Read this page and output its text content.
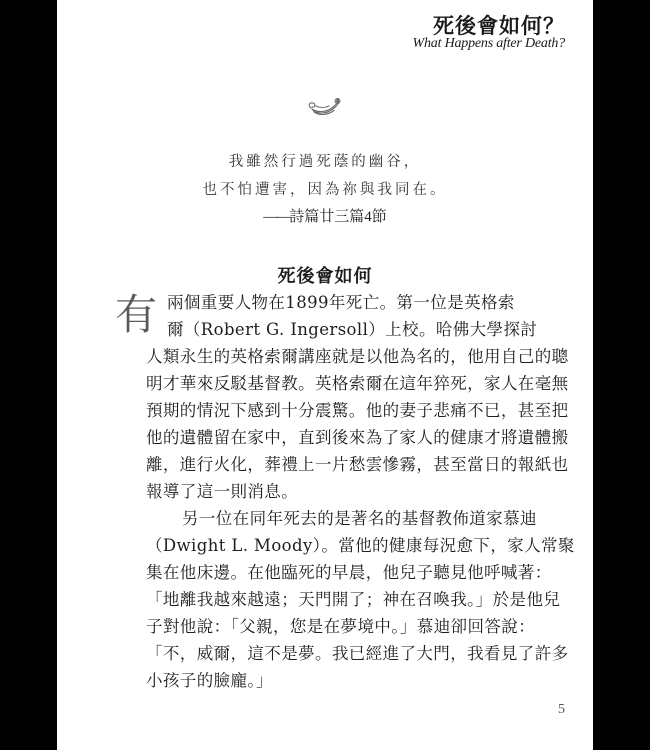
死後會如何？
What Happens after Death?
我雖然行過死蔭的幽谷，
也不怕遭害，因為祢與我同在。
——詩篇廿三篇4節
死後會如何

有 兩個重要人物在1899年死亡。第一位是英格索
爾（Robert G. Ingersoll）上校。哈佛大學探討
人類永生的英格索爾講座就是以他為名的，他用自己的聰
明才華來反駁基督教。英格索爾在這年猝死，家人在毫無
預期的情況下感到十分震驚。他的妻子悲痛不已，甚至把
他的遺體留在家中，直到後來為了家人的健康才將遺體搬
離，進行火化，葬禮上一片愁雲慘霧，甚至當日的報紙也
報導了這一則消息。

另一位在同年死去的是著名的基督教佈道家慕迪
（Dwight L. Moody）。當他的健康每況愈下，家人常聚
集在他床邊。在他臨死的早晨，他兒子聽見他呼喊著：
「地離我越來越遠；天門開了；神在召喚我。」於是他兒
子對他說：「父親，您是在夢境中。」慕迪卻回答說：
「不，威爾，這不是夢。我已經進了大門，我看見了許多
小孩子的臉龐。」

5
